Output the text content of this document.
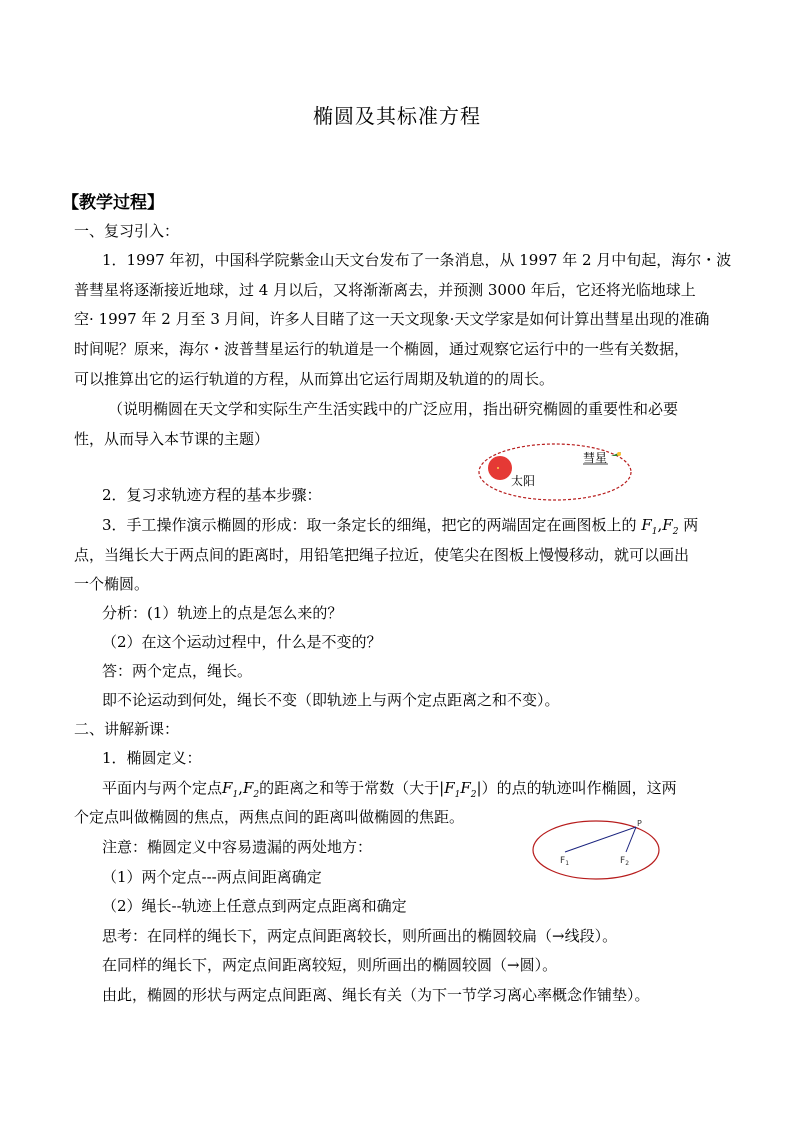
椭圆及其标准方程
【教学过程】
一、复习引入：
1．1997 年初，中国科学院紫金山天文台发布了一条消息，从 1997 年 2 月中旬起，海尔・波
普彗星将逐渐接近地球，过 4 月以后，又将渐渐离去，并预测 3000 年后，它还将光临地球上
空· 1997 年 2 月至 3 月间，许多人目睹了这一天文现象·天文学家是如何计算出彗星出现的准确
时间呢？原来，海尔・波普彗星运行的轨道是一个椭圆，通过观察它运行中的一些有关数据，
可以推算出它的运行轨道的方程，从而算出它运行周期及轨道的的周长。
（说明椭圆在天文学和实际生产生活实践中的广泛应用，指出研究椭圆的重要性和必要
性，从而导入本节课的主题）
太阳
彗星
2．复习求轨迹方程的基本步骤：
3．手工操作演示椭圆的形成：取一条定长的细绳，把它的两端固定在画图板上的 $F_1,F_2$ 两
点，当绳长大于两点间的距离时，用铅笔把绳子拉近，使笔尖在图板上慢慢移动，就可以画出
一个椭圆。
分析：(1）轨迹上的点是怎么来的？
（2）在这个运动过程中，什么是不变的？
答：两个定点，绳长。
即不论运动到何处，绳长不变（即轨迹上与两个定点距离之和不变）。
二、讲解新课：
1．椭圆定义：
平面内与两个定点$F_1,F_2$的距离之和等于常数（大于$|F_1F_2|$）的点的轨迹叫作椭圆，这两
个定点叫做椭圆的焦点，两焦点间的距离叫做椭圆的焦距。	P
$F_1$	$F_2$
注意：椭圆定义中容易遗漏的两处地方：
（1）两个定点---两点间距离确定
（2）绳长--轨迹上任意点到两定点距离和确定
思考：在同样的绳长下，两定点间距离较长，则所画出的椭圆较扁（→线段）。
在同样的绳长下，两定点间距离较短，则所画出的椭圆较圆（→圆）。
由此，椭圆的形状与两定点间距离、绳长有关（为下一节学习离心率概念作铺垫）。
